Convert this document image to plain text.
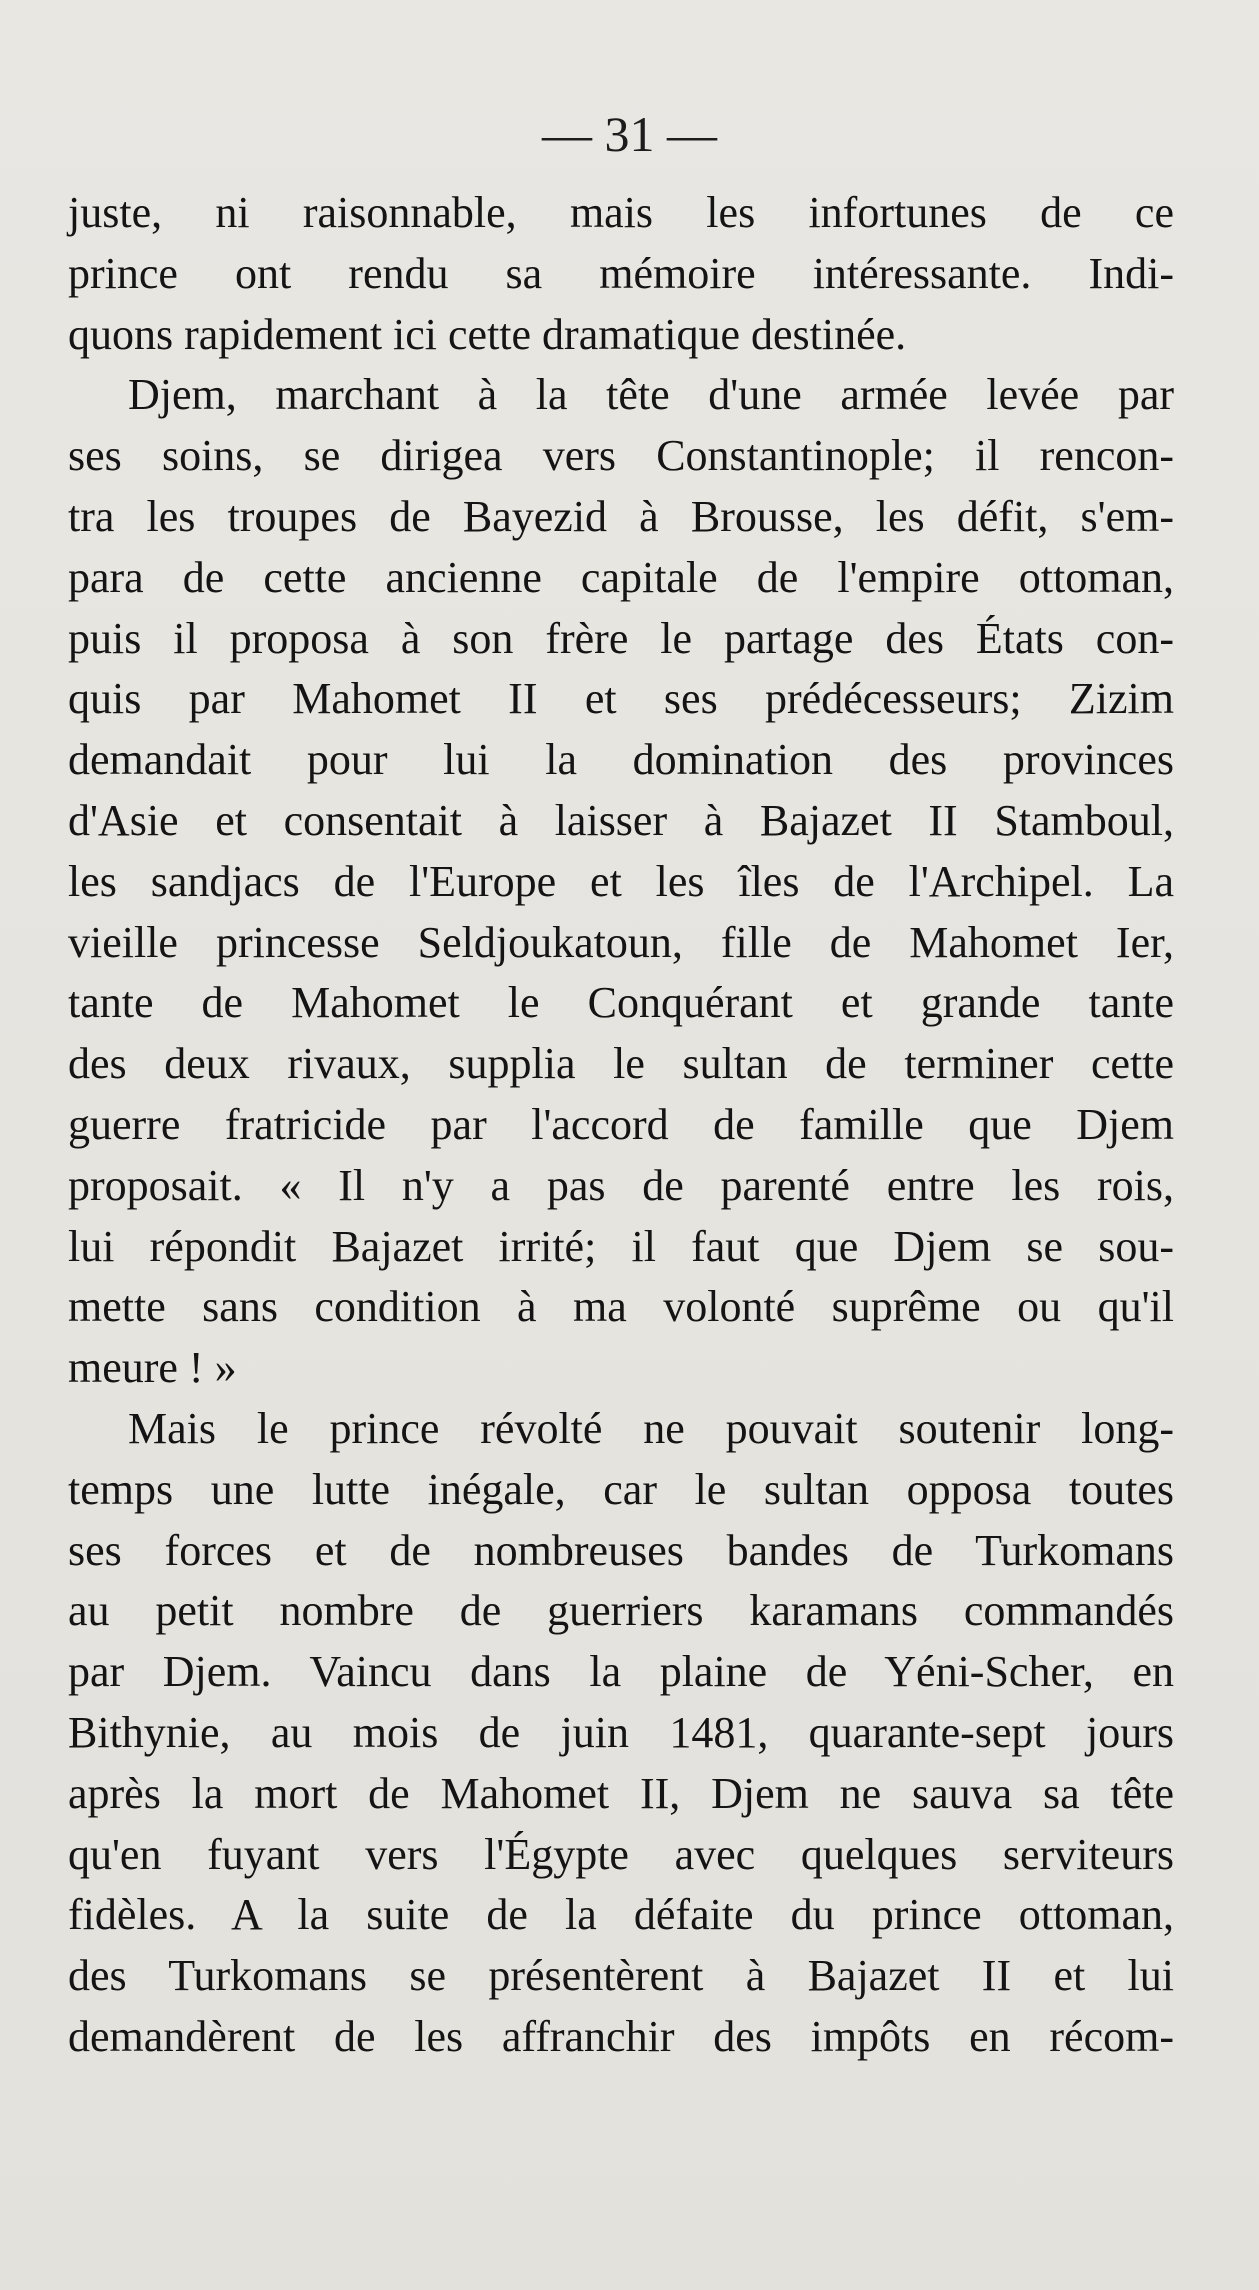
— 31 —
juste, ni raisonnable, mais les infortunes de ce
prince ont rendu sa mémoire intéressante. Indi-
quons rapidement ici cette dramatique destinée.
Djem, marchant à la tête d'une armée levée par
ses soins, se dirigea vers Constantinople; il rencon-
tra les troupes de Bayezid à Brousse, les défit, s'em-
para de cette ancienne capitale de l'empire ottoman,
puis il proposa à son frère le partage des États con-
quis par Mahomet II et ses prédécesseurs; Zizim
demandait pour lui la domination des provinces
d'Asie et consentait à laisser à Bajazet II Stamboul,
les sandjacs de l'Europe et les îles de l'Archipel. La
vieille princesse Seldjoukatoun, fille de Mahomet Ier,
tante de Mahomet le Conquérant et grande tante
des deux rivaux, supplia le sultan de terminer cette
guerre fratricide par l'accord de famille que Djem
proposait. « Il n'y a pas de parenté entre les rois,
lui répondit Bajazet irrité; il faut que Djem se sou-
mette sans condition à ma volonté suprême ou qu'il
meure ! »
Mais le prince révolté ne pouvait soutenir long-
temps une lutte inégale, car le sultan opposa toutes
ses forces et de nombreuses bandes de Turkomans
au petit nombre de guerriers karamans commandés
par Djem. Vaincu dans la plaine de Yéni-Scher, en
Bithynie, au mois de juin 1481, quarante-sept jours
après la mort de Mahomet II, Djem ne sauva sa tête
qu'en fuyant vers l'Égypte avec quelques serviteurs
fidèles. A la suite de la défaite du prince ottoman,
des Turkomans se présentèrent à Bajazet II et lui
demandèrent de les affranchir des impôts en récom-
